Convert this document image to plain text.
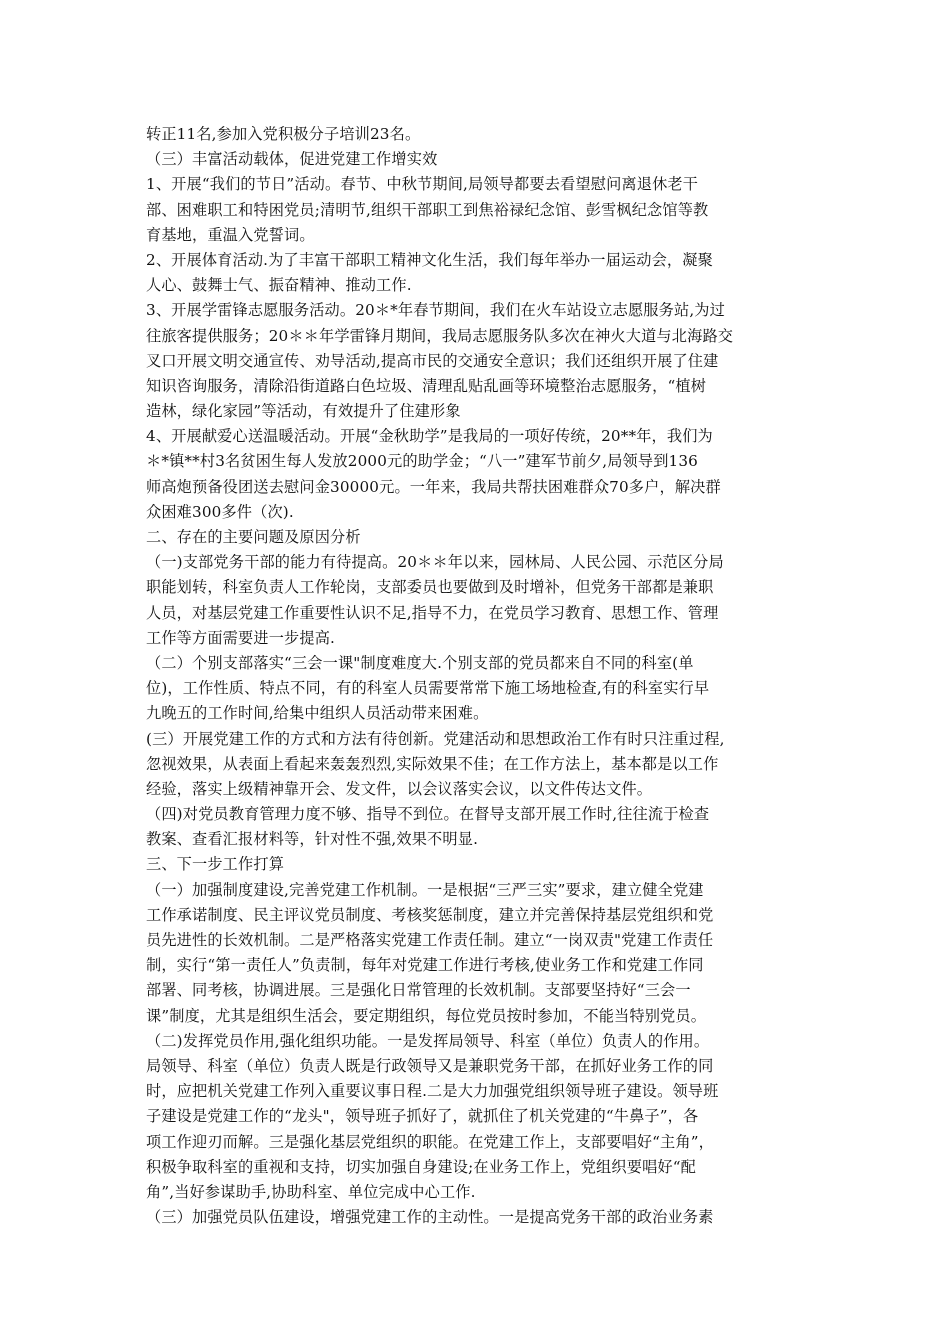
转正11名,参加入党积极分子培训23名。
（三）丰富活动载体，促进党建工作增实效
1、开展“我们的节日”活动。春节、中秋节期间,局领导都要去看望慰问离退休老干
部、困难职工和特困党员;清明节,组织干部职工到焦裕禄纪念馆、彭雪枫纪念馆等教
育基地，重温入党誓词。
2、开展体育活动.为了丰富干部职工精神文化生活，我们每年举办一届运动会，凝聚
人心、鼓舞士气、振奋精神、推动工作.
3、开展学雷锋志愿服务活动。20＊*年春节期间，我们在火车站设立志愿服务站,为过
往旅客提供服务；20＊＊年学雷锋月期间，我局志愿服务队多次在神火大道与北海路交
叉口开展文明交通宣传、劝导活动,提高市民的交通安全意识；我们还组织开展了住建
知识咨询服务，清除沿街道路白色垃圾、清理乱贴乱画等环境整治志愿服务，“植树
造林，绿化家园”等活动，有效提升了住建形象
4、开展献爱心送温暖活动。开展“金秋助学”是我局的一项好传统，20**年，我们为
＊*镇**村3名贫困生每人发放2000元的助学金；“八一”建军节前夕,局领导到136
师高炮预备役团送去慰问金30000元。一年来，我局共帮扶困难群众70多户，解决群
众困难300多件（次).
二、存在的主要问题及原因分析
（一)支部党务干部的能力有待提高。20＊＊年以来，园林局、人民公园、示范区分局
职能划转，科室负责人工作轮岗，支部委员也要做到及时增补，但党务干部都是兼职
人员，对基层党建工作重要性认识不足,指导不力，在党员学习教育、思想工作、管理
工作等方面需要进一步提高.
（二）个别支部落实“三会一课"制度难度大.个别支部的党员都来自不同的科室(单
位)，工作性质、特点不同，有的科室人员需要常常下施工场地检查,有的科室实行早
九晚五的工作时间,给集中组织人员活动带来困难。
(三）开展党建工作的方式和方法有待创新。党建活动和思想政治工作有时只注重过程,
忽视效果，从表面上看起来轰轰烈烈,实际效果不佳；在工作方法上，基本都是以工作
经验，落实上级精神靠开会、发文件，以会议落实会议，以文件传达文件。
（四)对党员教育管理力度不够、指导不到位。在督导支部开展工作时,往往流于检查
教案、查看汇报材料等，针对性不强,效果不明显.
三、下一步工作打算
（一）加强制度建设,完善党建工作机制。一是根据“三严三实”要求，建立健全党建
工作承诺制度、民主评议党员制度、考核奖惩制度，建立并完善保持基层党组织和党
员先进性的长效机制。二是严格落实党建工作责任制。建立“一岗双责"党建工作责任
制，实行“第一责任人”负责制，每年对党建工作进行考核,使业务工作和党建工作同
部署、同考核，协调进展。三是强化日常管理的长效机制。支部要坚持好“三会一
课”制度，尤其是组织生活会，要定期组织，每位党员按时参加，不能当特别党员。
（二)发挥党员作用,强化组织功能。一是发挥局领导、科室（单位）负责人的作用。
局领导、科室（单位）负责人既是行政领导又是兼职党务干部，在抓好业务工作的同
时，应把机关党建工作列入重要议事日程.二是大力加强党组织领导班子建设。领导班
子建设是党建工作的“龙头"，领导班子抓好了，就抓住了机关党建的“牛鼻子”，各
项工作迎刃而解。三是强化基层党组织的职能。在党建工作上，支部要唱好“主角”，
积极争取科室的重视和支持，切实加强自身建设;在业务工作上，党组织要唱好“配
角”,当好参谋助手,协助科室、单位完成中心工作.
（三）加强党员队伍建设，增强党建工作的主动性。一是提高党务干部的政治业务素
